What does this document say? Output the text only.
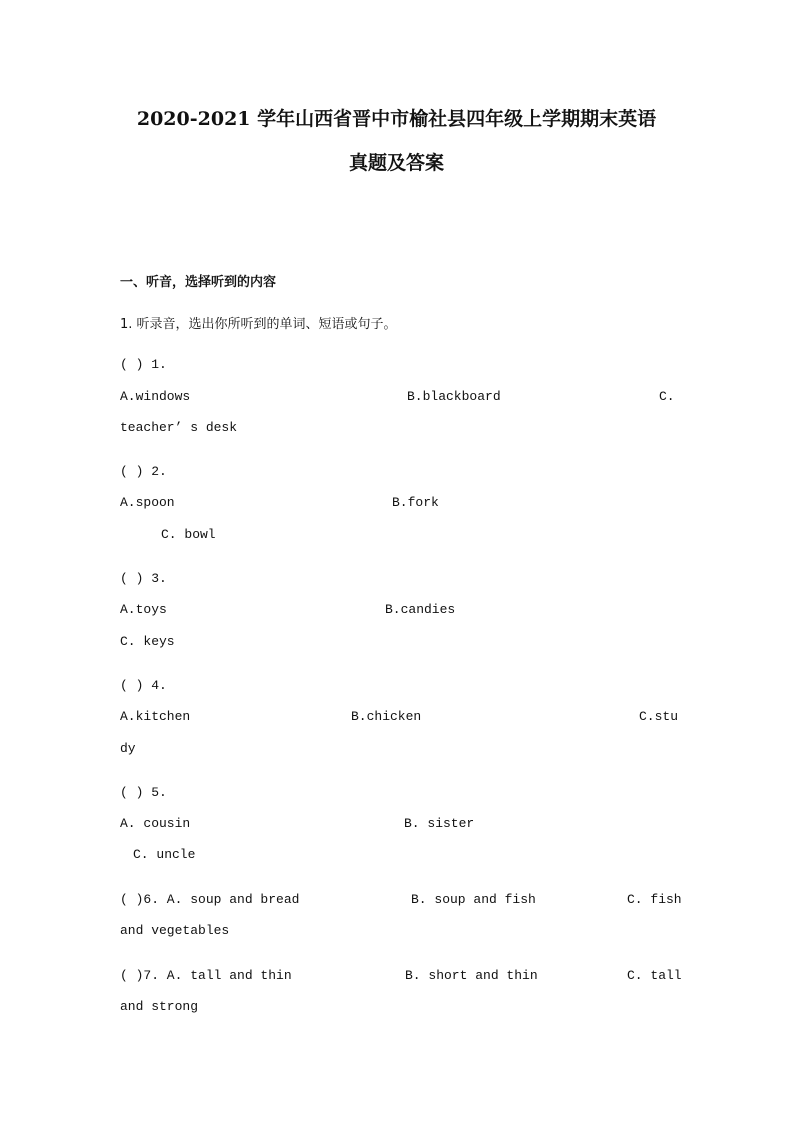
2020-2021 学年山西省晋中市榆社县四年级上学期期末英语
真题及答案
一、听音，选择听到的内容
1. 听录音，选出你所听到的单词、短语或句子。
( ) 1.
A.windows	B.blackboard	C.
teacher’ s desk
( ) 2.
A.spoon	B.fork
C. bowl
( ) 3.
A.toys	B.candies
C. keys
( ) 4.
A.kitchen	B.chicken	C.stu
dy
( ) 5.
A. cousin	B. sister
C. uncle
( )6. A. soup and bread	B. soup and fish	C. fish
and vegetables
( )7. A. tall and thin	B. short and thin	C. tall
and strong
